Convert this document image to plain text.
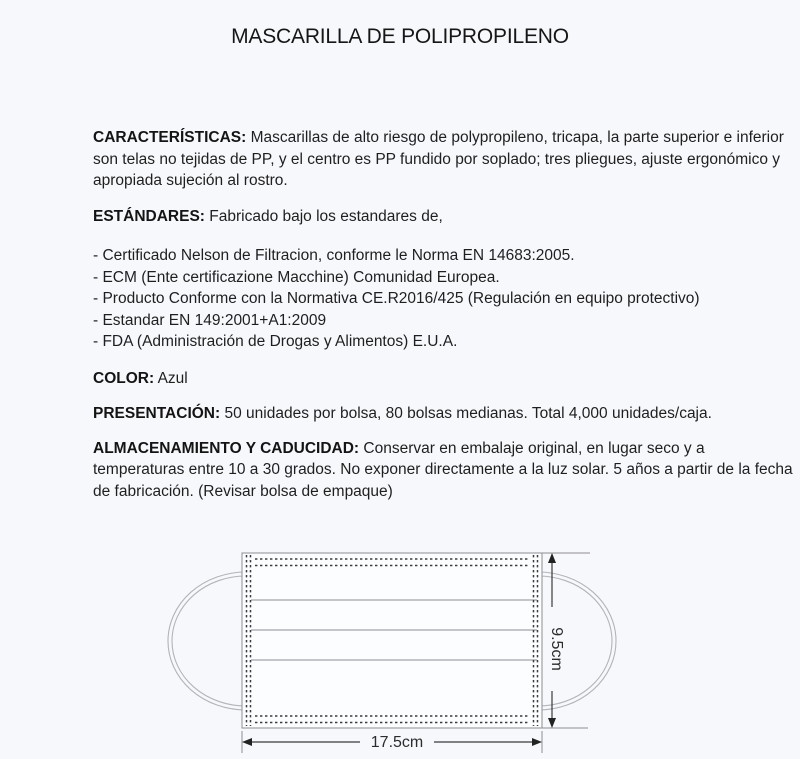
MASCARILLA DE POLIPROPILENO

CARACTERÍSTICAS: Mascarillas de alto riesgo de polypropileno, tricapa, la parte superior e inferior son telas no tejidas de PP, y el centro es PP fundido por soplado; tres pliegues, ajuste ergonómico y apropiada sujeción al rostro.

ESTÁNDARES: Fabricado bajo los estandares de,

- Certificado Nelson de Filtracion, conforme le Norma EN 14683:2005.
- ECM (Ente certificazione Macchine) Comunidad Europea.
- Producto Conforme con la Normativa CE.R2016/425 (Regulación en equipo protectivo)
- Estandar EN 149:2001+A1:2009
- FDA (Administración de Drogas y Alimentos) E.U.A.

COLOR: Azul

PRESENTACIÓN: 50 unidades por bolsa, 80 bolsas medianas. Total 4,000 unidades/caja.

ALMACENAMIENTO Y CADUCIDAD: Conservar en embalaje original, en lugar seco y a temperaturas entre 10 a 30 grados. No exponer directamente a la luz solar. 5 años a partir de la fecha de fabricación. (Revisar bolsa de empaque)

9.5cm
17.5cm
